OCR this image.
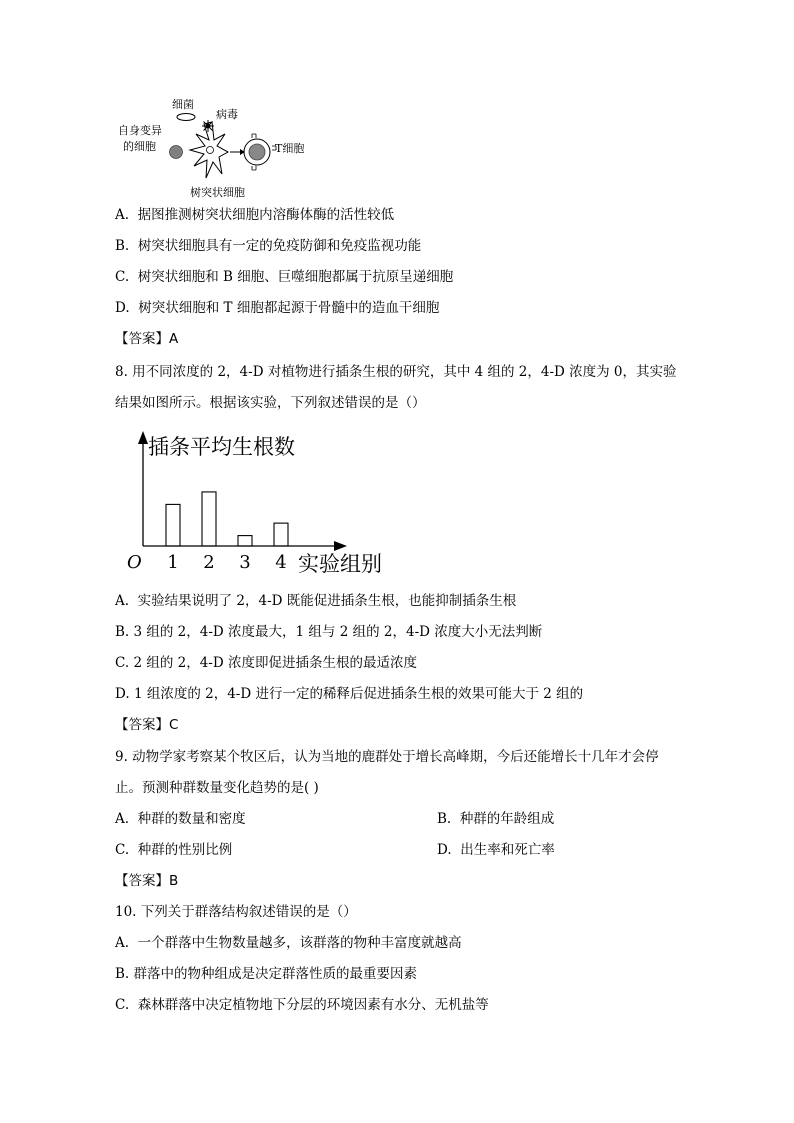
细菌
病毒
自身变异
的细胞	T细胞
树突状细胞
A. 据图推测树突状细胞内溶酶体酶的活性较低
B. 树突状细胞具有一定的免疫防御和免疫监视功能
C. 树突状细胞和 B 细胞、巨噬细胞都属于抗原呈递细胞
D. 树突状细胞和 T 细胞都起源于骨髓中的造血干细胞
【答案】A
8. 用不同浓度的 2，4-D 对植物进行插条生根的研究，其中 4 组的 2，4-D 浓度为 0，其实验
结果如图所示。根据该实验，下列叙述错误的是（）
插条平均生根数
实验组别
O 1 2 3 4
A. 实验结果说明了 2，4-D 既能促进插条生根，也能抑制插条生根
B. 3 组的 2，4-D 浓度最大，1 组与 2 组的 2，4-D 浓度大小无法判断
C. 2 组的 2，4-D 浓度即促进插条生根的最适浓度
D. 1 组浓度的 2，4-D 进行一定的稀释后促进插条生根的效果可能大于 2 组的
【答案】C
9. 动物学家考察某个牧区后，认为当地的鹿群处于增长高峰期，今后还能增长十几年才会停
止。预测种群数量变化趋势的是( )
A. 种群的数量和密度	B. 种群的年龄组成
C. 种群的性别比例	D. 出生率和死亡率
【答案】B
10. 下列关于群落结构叙述错误的是（）
A. 一个群落中生物数量越多，该群落的物种丰富度就越高
B. 群落中的物种组成是决定群落性质的最重要因素
C. 森林群落中决定植物地下分层的环境因素有水分、无机盐等
